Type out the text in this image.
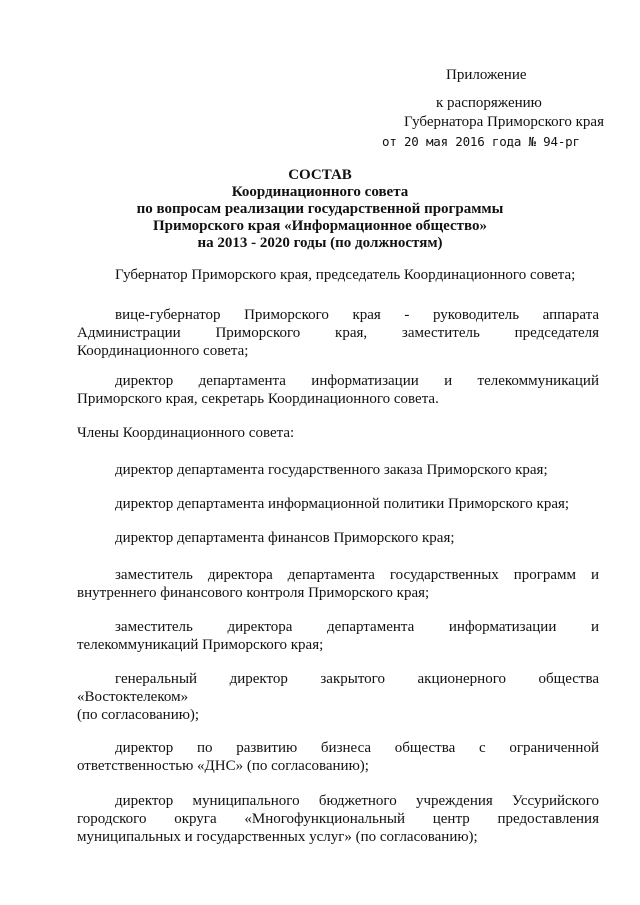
Приложение
к распоряжению
Губернатора Приморского края
от 20 мая 2016 года № 94-рг
СОСТАВ
Координационного совета
по вопросам реализации государственной программы
Приморского края «Информационное общество»
на 2013 - 2020 годы (по должностям)
Губернатор Приморского края, председатель Координационного совета;
вице-губернатор Приморского края - руководитель аппарата
Администрации Приморского края, заместитель председателя
Координационного совета;
директор департамента информатизации и телекоммуникаций
Приморского края, секретарь Координационного совета.
Члены Координационного совета:
директор департамента государственного заказа Приморского края;
директор департамента информационной политики Приморского края;
директор департамента финансов Приморского края;
заместитель директора департамента государственных программ и
внутреннего финансового контроля Приморского края;
заместитель директора департамента информатизации и
телекоммуникаций Приморского края;
генеральный директор закрытого акционерного общества
«Востоктелеком»
(по согласованию);
директор по развитию бизнеса общества с ограниченной
ответственностью «ДНС» (по согласованию);
директор муниципального бюджетного учреждения Уссурийского
городского округа «Многофункциональный центр предоставления
муниципальных и государственных услуг» (по согласованию);
